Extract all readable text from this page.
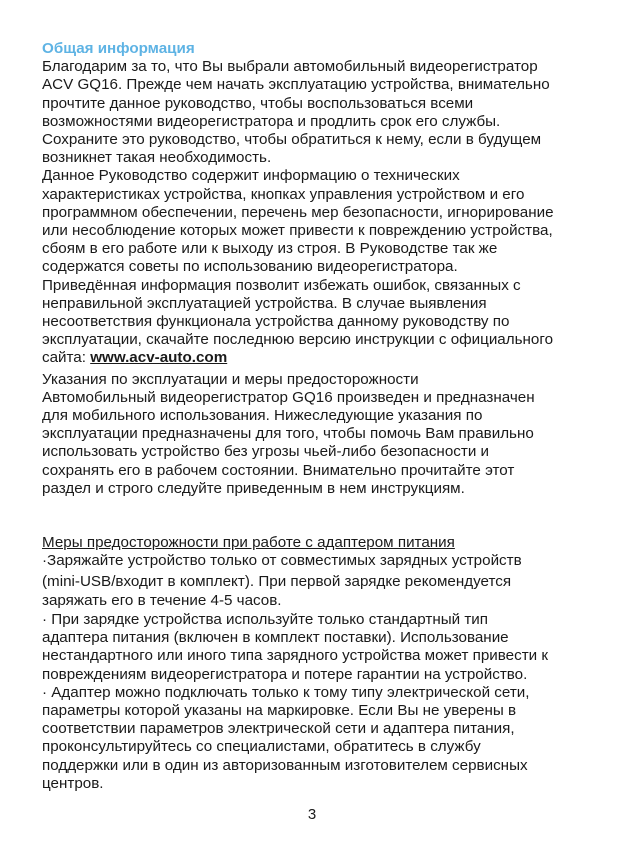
Общая информация

Благодарим за то, что Вы выбрали автомобильный видеорегистратор
ACV GQ16. Прежде чем начать эксплуатацию устройства, внимательно
прочтите данное руководство, чтобы воспользоваться всеми
возможностями видеорегистратора и продлить срок его службы.
Сохраните это руководство, чтобы обратиться к нему, если в будущем
возникнет такая необходимость.

Данное Руководство содержит информацию о технических
характеристиках устройства, кнопках управления устройством и его
программном обеспечении, перечень мер безопасности, игнорирование
или несоблюдение которых может привести к повреждению устройства,
сбоям в его работе или к выходу из строя. В Руководстве так же
содержатся советы по использованию видеорегистратора.

Приведённая информация позволит избежать ошибок, связанных с
неправильной эксплуатацией устройства. В случае выявления
несоответствия функционала устройства данному руководству по
эксплуатации, скачайте последнюю версию инструкции с официального
сайта: www.acv-auto.com

Указания по эксплуатации и меры предосторожности

Автомобильный видеорегистратор GQ16 произведен и предназначен
для мобильного использования. Нижеследующие указания по
эксплуатации предназначены для того, чтобы помочь Вам правильно
использовать устройство без угрозы чьей-либо безопасности и
сохранять его в рабочем состоянии. Внимательно прочитайте этот
раздел и строго следуйте приведенным в нем инструкциям.

Меры предосторожности при работе с адаптером питания

·Заряжайте устройство только от совместимых зарядных устройств

(mini-USB/входит в комплект). При первой зарядке рекомендуется
заряжать его в течение 4-5 часов.

· При зарядке устройства используйте только стандартный тип
адаптера питания (включен в комплект поставки). Использование
нестандартного или иного типа зарядного устройства может привести к
повреждениям видеорегистратора и потере гарантии на устройство.

· Адаптер можно подключать только к тому типу электрической сети,
параметры которой указаны на маркировке. Если Вы не уверены в
соответствии параметров электрической сети и адаптера питания,
проконсультируйтесь со специалистами, обратитесь в службу
поддержки или в один из авторизованным изготовителем сервисных
центров.

3
